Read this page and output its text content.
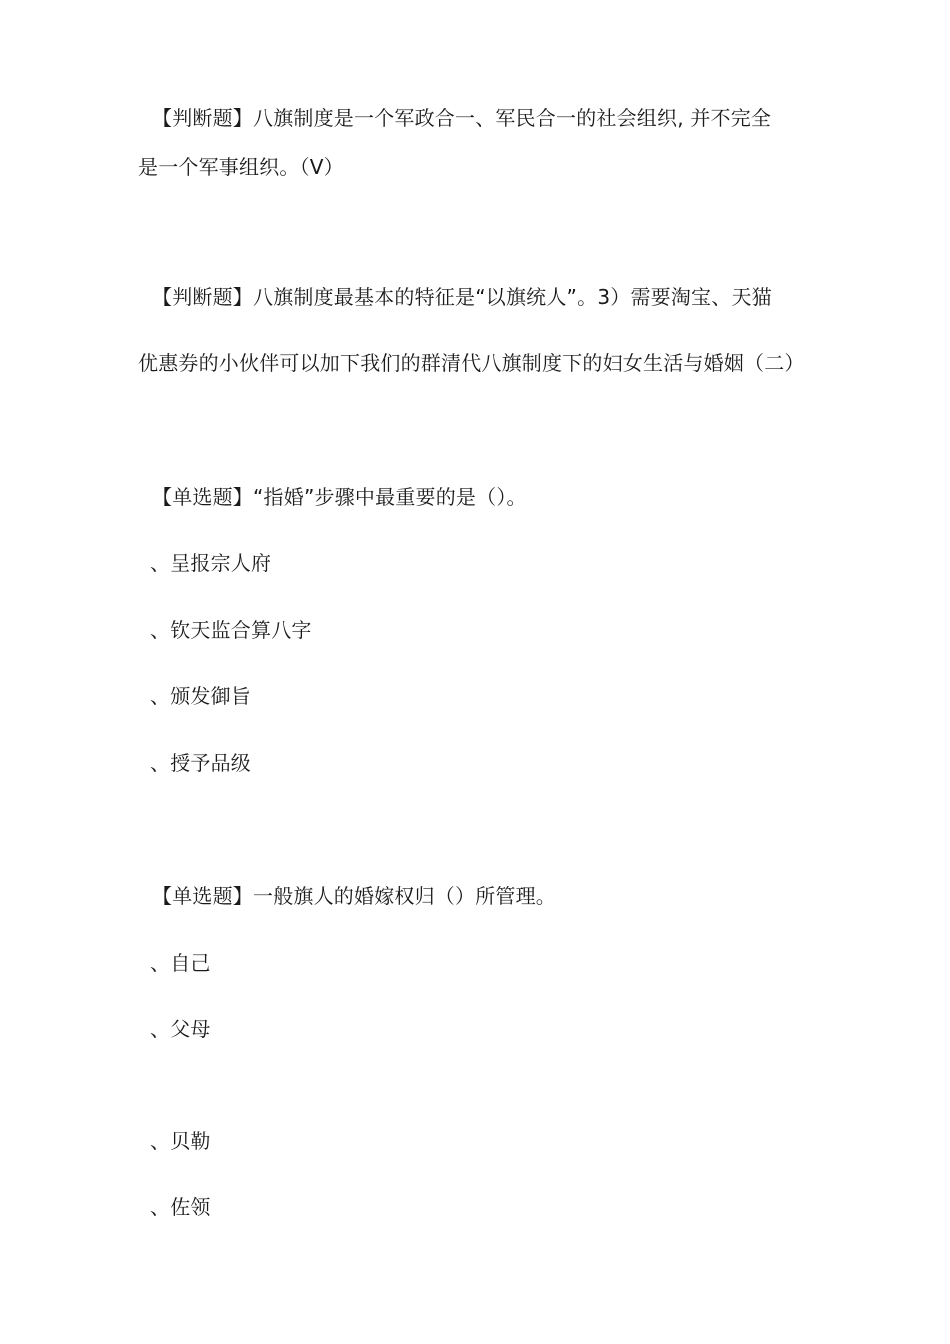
【判断题】八旗制度是一个军政合一、军民合一的社会组织, 并不完全
是一个军事组织。（V）
【判断题】八旗制度最基本的特征是“以旗统人”。3）需要淘宝、天猫
优惠券的小伙伴可以加下我们的群清代八旗制度下的妇女生活与婚姻（二）
【单选题】“指婚”步骤中最重要的是（）。
、呈报宗人府
、钦天监合算八字
、颁发御旨
、授予品级
【单选题】一般旗人的婚嫁权归（）所管理。
、自己
、父母
、贝勒
、佐领
